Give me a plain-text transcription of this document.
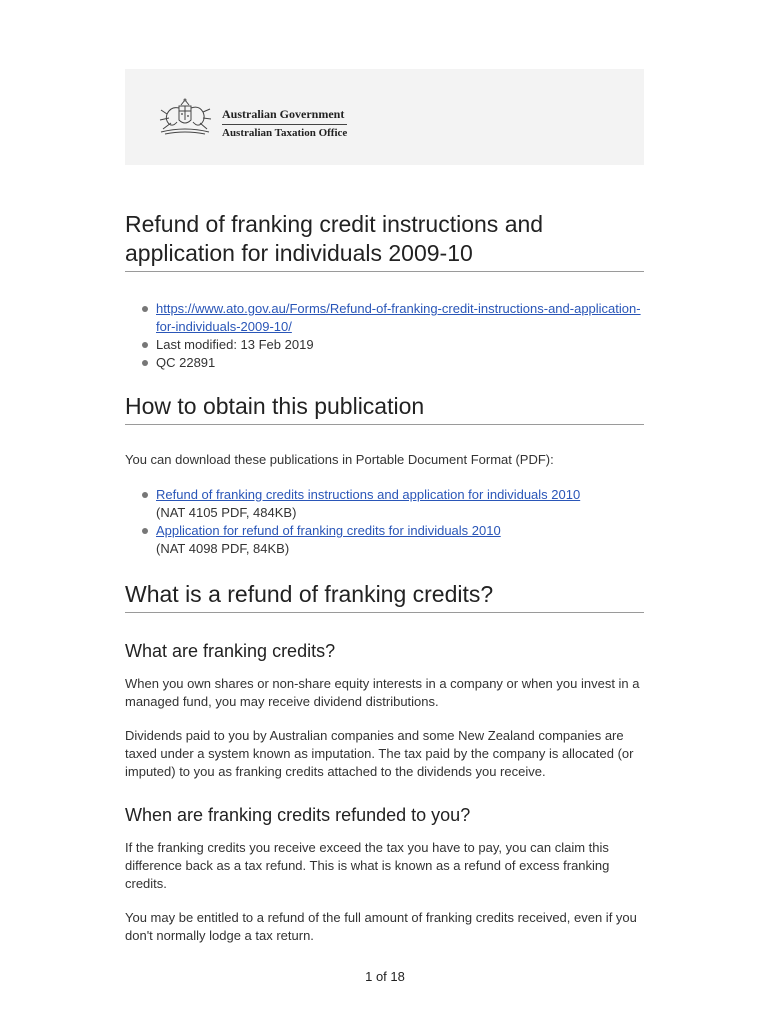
Australian Government
Australian Taxation Office
Refund of franking credit instructions and application for individuals 2009-10
https://www.ato.gov.au/Forms/Refund-of-franking-credit-instructions-and-application-for-individuals-2009-10/
Last modified: 13 Feb 2019
QC 22891
How to obtain this publication

You can download these publications in Portable Document Format (PDF):

Refund of franking credits instructions and application for individuals 2010
(NAT 4105 PDF, 484KB)
Application for refund of franking credits for individuals 2010
(NAT 4098 PDF, 84KB)
What is a refund of franking credits?
What are franking credits?

When you own shares or non-share equity interests in a company or when you invest in a managed fund, you may receive dividend distributions.

Dividends paid to you by Australian companies and some New Zealand companies are taxed under a system known as imputation. The tax paid by the company is allocated (or imputed) to you as franking credits attached to the dividends you receive.

When are franking credits refunded to you?

If the franking credits you receive exceed the tax you have to pay, you can claim this difference back as a tax refund. This is what is known as a refund of excess franking credits.

You may be entitled to a refund of the full amount of franking credits received, even if you don't normally lodge a tax return.

1 of 18
